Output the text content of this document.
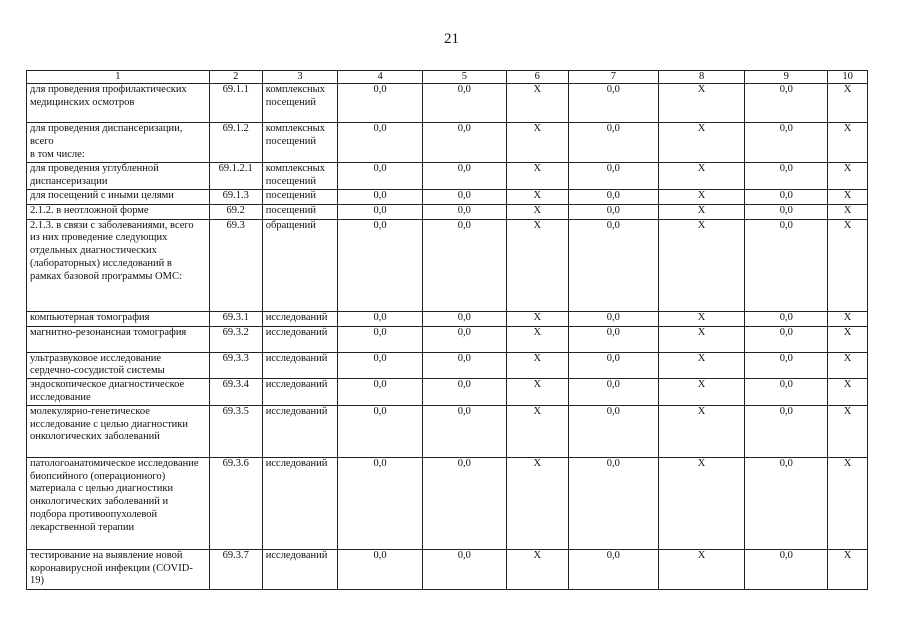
21
1	2	3	4	5	6	7	8	9	10
для проведения профилактических медицинских осмотров	69.1.1	комплексных посещений	0,0	0,0	Х	0,0	Х	0,0	Х
для проведения диспансеризации, всего
в том числе:	69.1.2	комплексных посещений	0,0	0,0	Х	0,0	Х	0,0	Х
для проведения углубленной диспансеризации	69.1.2.1	комплексных посещений	0,0	0,0	Х	0,0	Х	0,0	Х
для посещений с иными целями	69.1.3	посещений	0,0	0,0	Х	0,0	Х	0,0	Х
2.1.2. в неотложной форме	69.2	посещений	0,0	0,0	Х	0,0	Х	0,0	Х
2.1.3. в связи с заболеваниями, всего
из них проведение следующих отдельных диагностических (лабораторных) исследований в рамках базовой программы ОМС:	69.3	обращений	0,0	0,0	Х	0,0	Х	0,0	Х
компьютерная томография	69.3.1	исследований	0,0	0,0	Х	0,0	Х	0,0	Х
магнитно-резонансная томография	69.3.2	исследований	0,0	0,0	Х	0,0	Х	0,0	Х
ультразвуковое исследование сердечно-сосудистой системы	69.3.3	исследований	0,0	0,0	Х	0,0	Х	0,0	Х
эндоскопическое диагностическое исследование	69.3.4	исследований	0,0	0,0	Х	0,0	Х	0,0	Х
молекулярно-генетическое исследование с целью диагностики онкологических заболеваний	69.3.5	исследований	0,0	0,0	Х	0,0	Х	0,0	Х
патологоанатомическое исследование биопсийного (операционного) материала с целью диагностики онкологических заболеваний и подбора противоопухолевой лекарственной терапии	69.3.6	исследований	0,0	0,0	Х	0,0	Х	0,0	Х
тестирование на выявление новой коронавирусной инфекции (COVID-19)	69.3.7	исследований	0,0	0,0	Х	0,0	Х	0,0	Х
